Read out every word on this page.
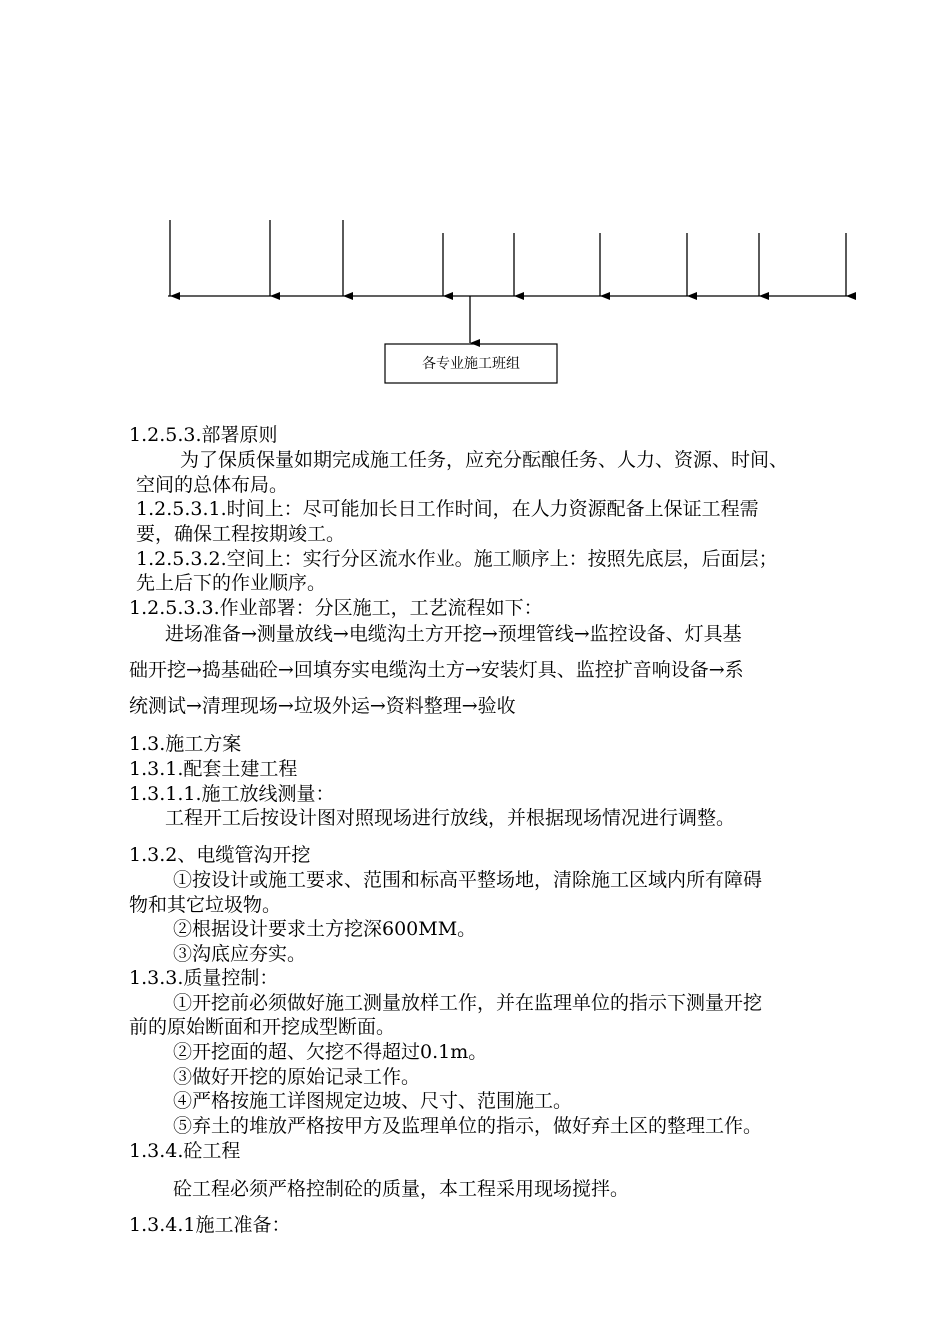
各专业施工班组
1.2.5.3.部署原则
为了保质保量如期完成施工任务，应充分酝酿任务、人力、资源、时间、
空间的总体布局。
1.2.5.3.1.时间上：尽可能加长日工作时间，在人力资源配备上保证工程需
要，确保工程按期竣工。
1.2.5.3.2.空间上：实行分区流水作业。施工顺序上：按照先底层，后面层；
先上后下的作业顺序。
1.2.5.3.3.作业部署：分区施工，工艺流程如下：
进场准备→测量放线→电缆沟土方开挖→预埋管线→监控设备、灯具基
础开挖→捣基础砼→回填夯实电缆沟土方→安装灯具、监控扩音响设备→系
统测试→清理现场→垃圾外运→资料整理→验收
1.3.施工方案
1.3.1.配套土建工程
1.3.1.1.施工放线测量：
工程开工后按设计图对照现场进行放线，并根据现场情况进行调整。
1.3.2、电缆管沟开挖
①按设计或施工要求、范围和标高平整场地，清除施工区域内所有障碍
物和其它垃圾物。
②根据设计要求土方挖深600MM。
③沟底应夯实。
1.3.3.质量控制：
①开挖前必须做好施工测量放样工作，并在监理单位的指示下测量开挖
前的原始断面和开挖成型断面。
②开挖面的超、欠挖不得超过0.1m。
③做好开挖的原始记录工作。
④严格按施工详图规定边坡、尺寸、范围施工。
⑤弃土的堆放严格按甲方及监理单位的指示，做好弃土区的整理工作。
1.3.4.砼工程
砼工程必须严格控制砼的质量，本工程采用现场搅拌。
1.3.4.1施工准备：
